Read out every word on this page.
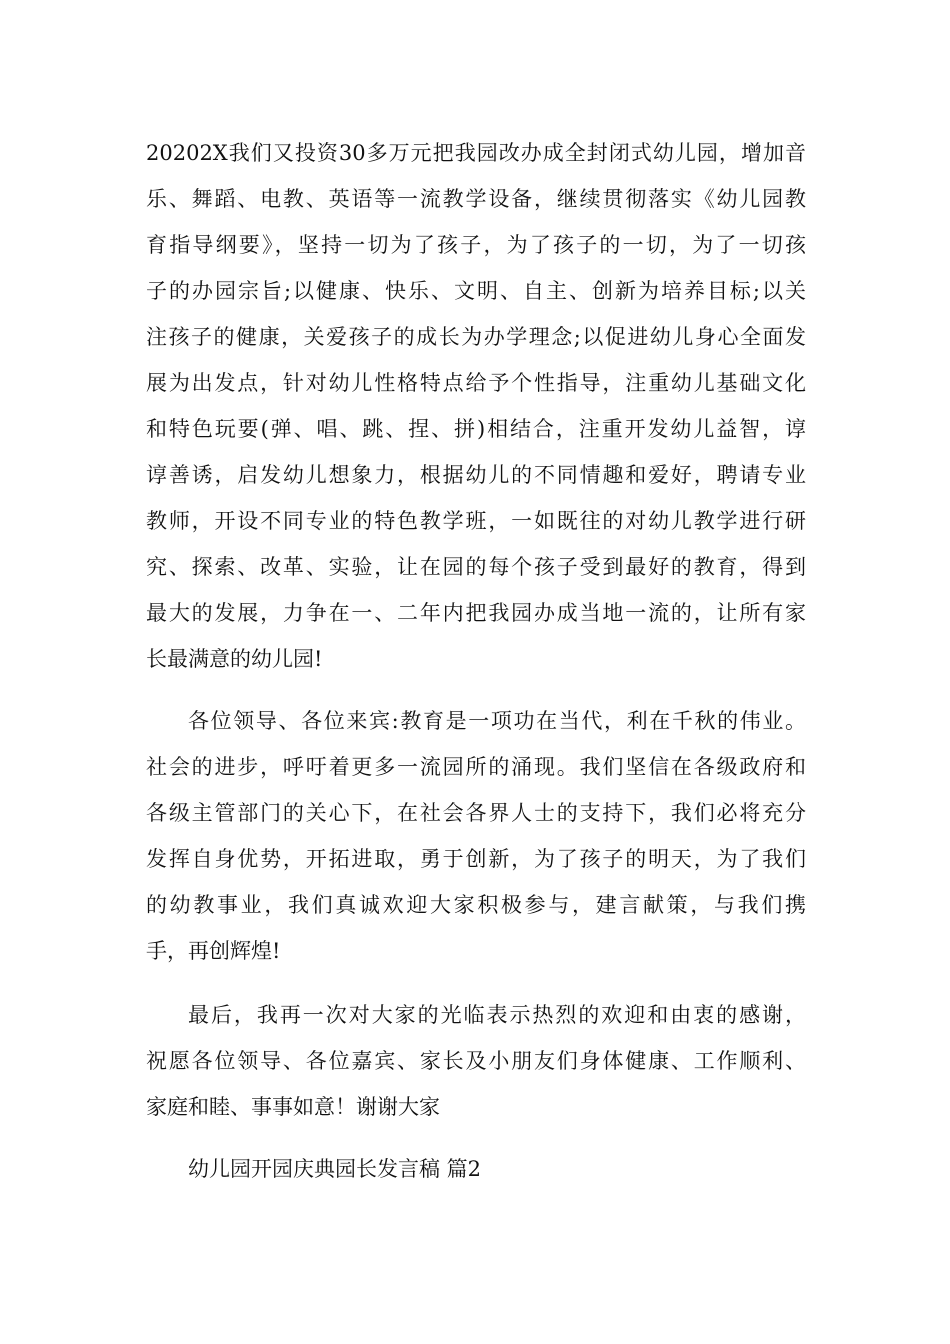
20202X我们又投资30多万元把我园改办成全封闭式幼儿园，增加音
乐、舞蹈、电教、英语等一流教学设备，继续贯彻落实《幼儿园教
育指导纲要》，坚持一切为了孩子，为了孩子的一切，为了一切孩
子的办园宗旨;以健康、快乐、文明、自主、创新为培养目标;以关
注孩子的健康，关爱孩子的成长为办学理念;以促进幼儿身心全面发
展为出发点，针对幼儿性格特点给予个性指导，注重幼儿基础文化
和特色玩要(弹、唱、跳、捏、拼)相结合，注重开发幼儿益智，谆
谆善诱，启发幼儿想象力，根据幼儿的不同情趣和爱好，聘请专业
教师，开设不同专业的特色教学班，一如既往的对幼儿教学进行研
究、探索、改革、实验，让在园的每个孩子受到最好的教育，得到
最大的发展，力争在一、二年内把我园办成当地一流的，让所有家
长最满意的幼儿园!
各位领导、各位来宾:教育是一项功在当代，利在千秋的伟业。
社会的进步，呼吁着更多一流园所的涌现。我们坚信在各级政府和
各级主管部门的关心下，在社会各界人士的支持下，我们必将充分
发挥自身优势，开拓进取，勇于创新，为了孩子的明天，为了我们
的幼教事业，我们真诚欢迎大家积极参与，建言献策，与我们携
手，再创辉煌!
最后，我再一次对大家的光临表示热烈的欢迎和由衷的感谢，
祝愿各位领导、各位嘉宾、家长及小朋友们身体健康、工作顺利、
家庭和睦、事事如意！谢谢大家
幼儿园开园庆典园长发言稿 篇2
